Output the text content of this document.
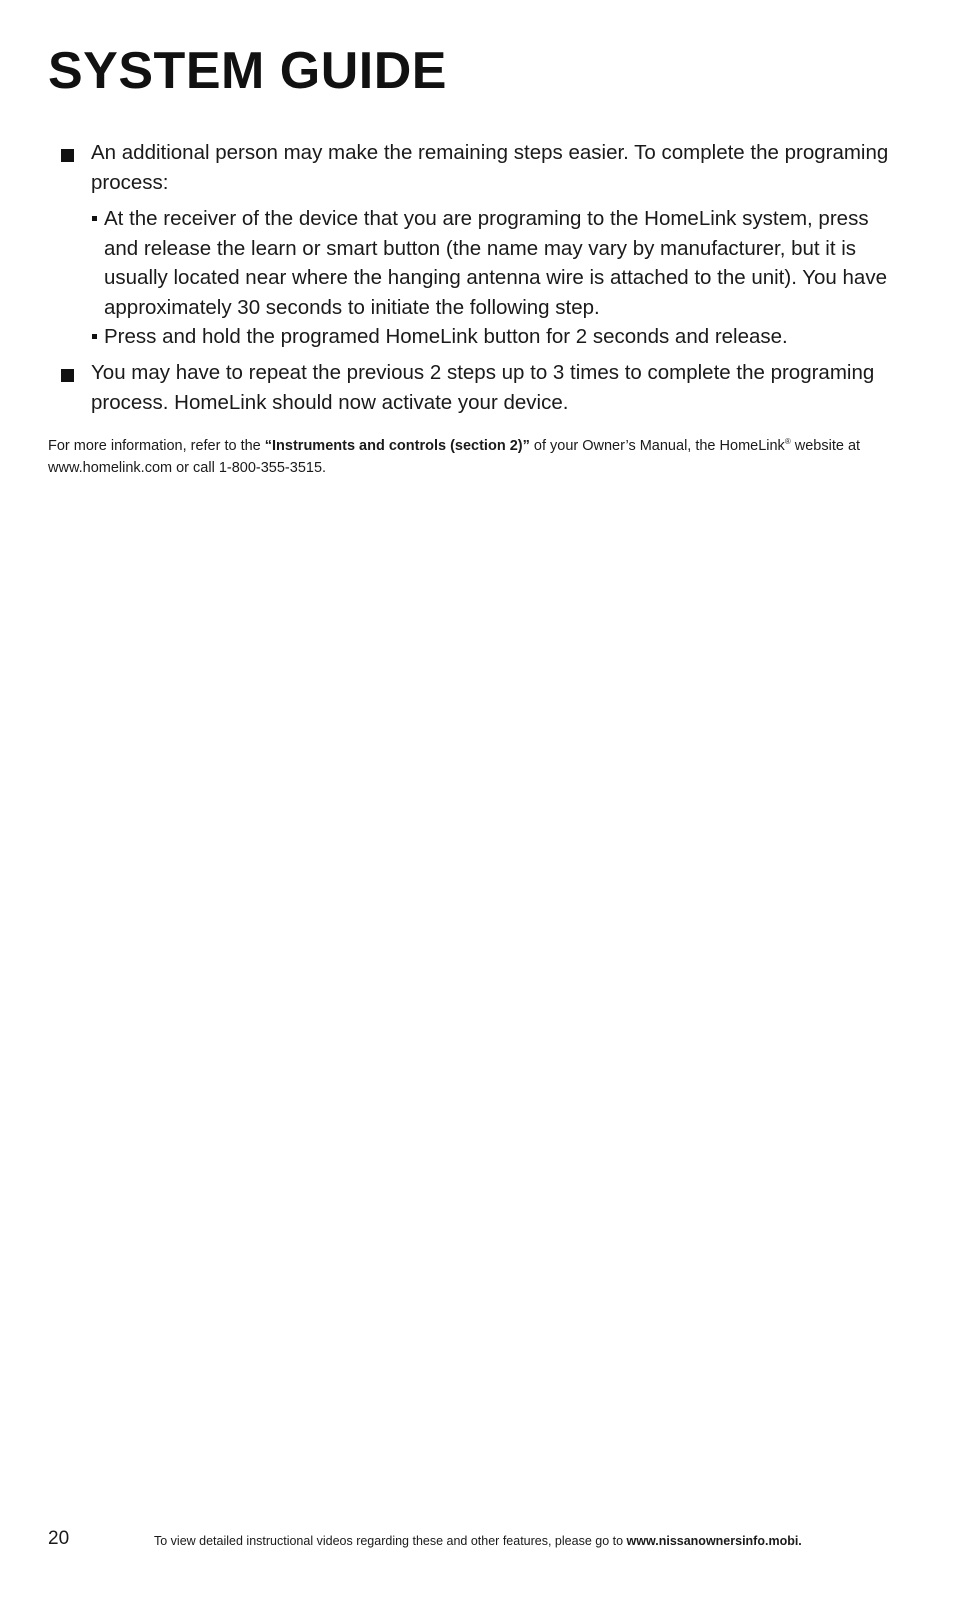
SYSTEM GUIDE
An additional person may make the remaining steps easier. To complete the programing process:
At the receiver of the device that you are programing to the HomeLink system, press and release the learn or smart button (the name may vary by manufacturer, but it is usually located near where the hanging antenna wire is attached to the unit). You have approximately 30 seconds to initiate the following step.
Press and hold the programed HomeLink button for 2 seconds and release.
You may have to repeat the previous 2 steps up to 3 times to complete the programing process. HomeLink should now activate your device.
For more information, refer to the “Instruments and controls (section 2)” of your Owner’s Manual, the HomeLink® website at www.homelink.com or call 1-800-355-3515.
20	To view detailed instructional videos regarding these and other features, please go to www.nissanownersinfo.mobi.
